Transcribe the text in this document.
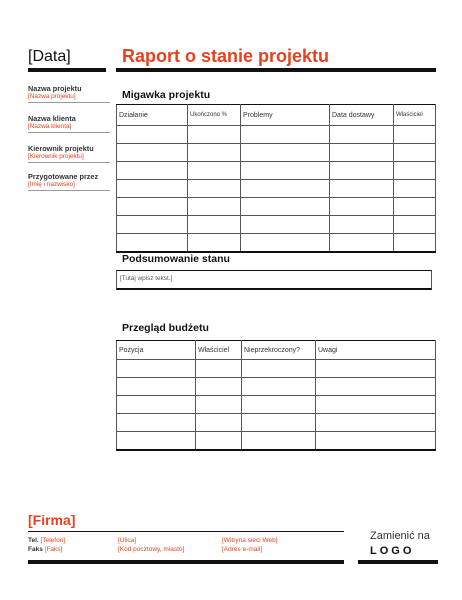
[Data]	Raport o stanie projektu
Nazwa projektu
[Nazwa projektu]
Nazwa klienta
[Nazwa klienta]
Kierownik projektu
[Kierownik projektu]
Przygotowane przez
[Imię i nazwisko]
Migawka projektu
Działanie	Ukończono %	Problemy	Data dostawy	Właściciel

Podsumowanie stanu
[Tutaj wpisz tekst.]
Przegląd budżetu
Pozycja	Właściciel	Nieprzekroczony?	Uwagi

[Firma]
Tel. [Telefon]
Faks [Faks]
[Ulica]
[Kod pocztowy, miasto]
[Witryna sieci Web]
[Adres e-mail]
Zamienić na
LOGO
